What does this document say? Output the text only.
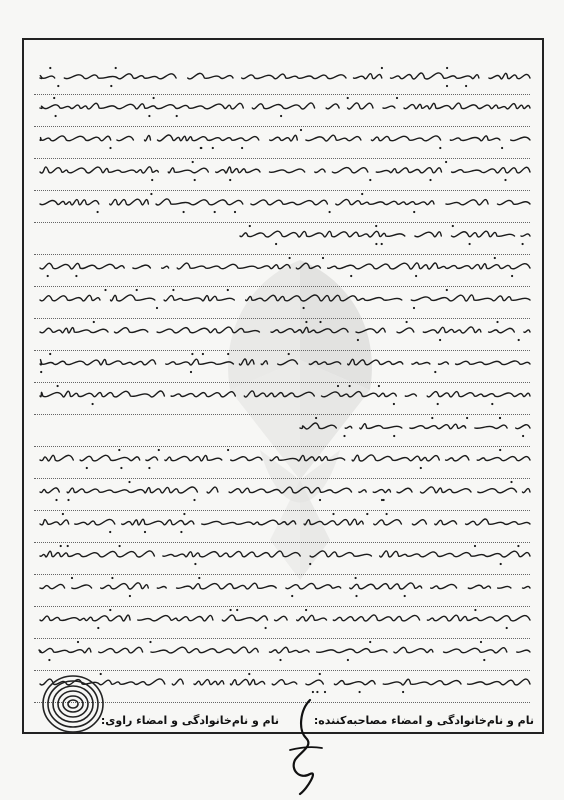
نام و نام‌خانوادگی و امضاء مصاحبه‌کننده:
نام و نام‌خانوادگی و امضاء راوی:
